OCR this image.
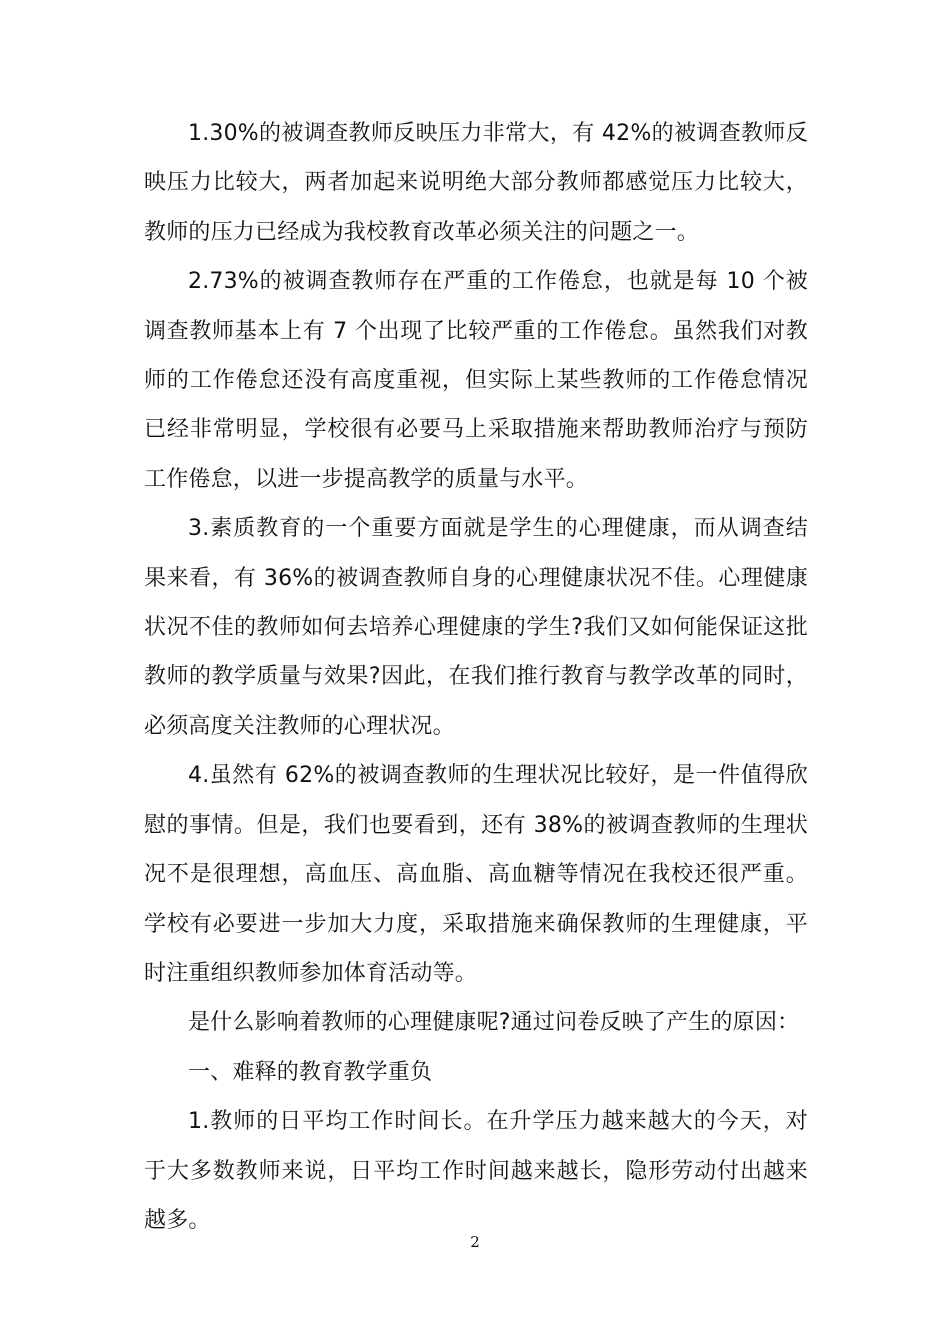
1.30%的被调查教师反映压力非常大，有 42%的被调查教师反映压力比较大，两者加起来说明绝大部分教师都感觉压力比较大，教师的压力已经成为我校教育改革必须关注的问题之一。

2.73%的被调查教师存在严重的工作倦怠，也就是每 10 个被调查教师基本上有 7 个出现了比较严重的工作倦怠。虽然我们对教师的工作倦怠还没有高度重视，但实际上某些教师的工作倦怠情况已经非常明显，学校很有必要马上采取措施来帮助教师治疗与预防工作倦怠，以进一步提高教学的质量与水平。

3.素质教育的一个重要方面就是学生的心理健康，而从调查结果来看，有 36%的被调查教师自身的心理健康状况不佳。心理健康状况不佳的教师如何去培养心理健康的学生?我们又如何能保证这批教师的教学质量与效果?因此，在我们推行教育与教学改革的同时，必须高度关注教师的心理状况。

4.虽然有 62%的被调查教师的生理状况比较好，是一件值得欣慰的事情。但是，我们也要看到，还有 38%的被调查教师的生理状况不是很理想，高血压、高血脂、高血糖等情况在我校还很严重。学校有必要进一步加大力度，采取措施来确保教师的生理健康，平时注重组织教师参加体育活动等。

是什么影响着教师的心理健康呢?通过问卷反映了产生的原因：

一、难释的教育教学重负

1.教师的日平均工作时间长。在升学压力越来越大的今天，对于大多数教师来说，日平均工作时间越来越长，隐形劳动付出越来越多。

2
